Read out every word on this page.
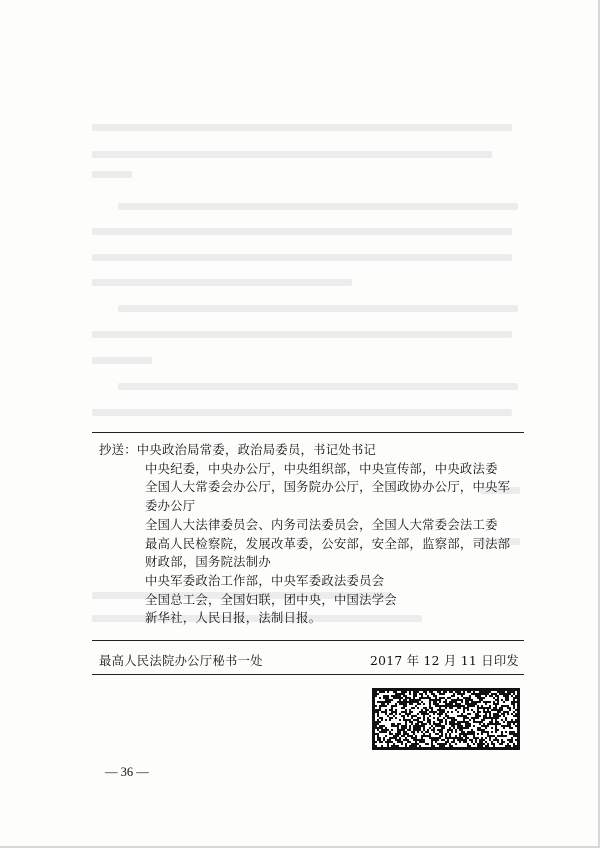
抄送：中央政治局常委，政治局委员，书记处书记
中央纪委，中央办公厅，中央组织部，中央宣传部，中央政法委
全国人大常委会办公厅，国务院办公厅，全国政协办公厅，中央军
委办公厅
全国人大法律委员会、内务司法委员会，全国人大常委会法工委
最高人民检察院，发展改革委，公安部，安全部，监察部，司法部
财政部，国务院法制办
中央军委政治工作部，中央军委政法委员会
全国总工会，全国妇联，团中央，中国法学会
新华社，人民日报，法制日报。
最高人民法院办公厅秘书一处	2017 年 12 月 11 日印发
— 36 —
